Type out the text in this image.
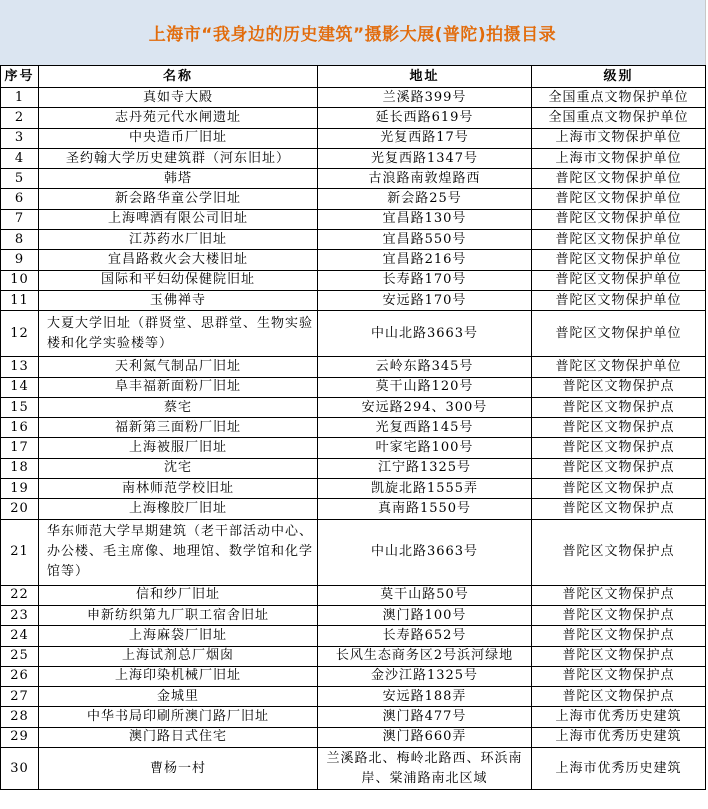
上海市“我身边的历史建筑”摄影大展(普陀)拍摄目录
序号	名称	地址	级别
1	真如寺大殿	兰溪路399号	全国重点文物保护单位
2	志丹苑元代水闸遗址	延长西路619号	全国重点文物保护单位
3	中央造币厂旧址	光复西路17号	上海市文物保护单位
4	圣约翰大学历史建筑群（河东旧址）	光复西路1347号	上海市文物保护单位
5	韩塔	古浪路南敦煌路西	普陀区文物保护单位
6	新会路华童公学旧址	新会路25号	普陀区文物保护单位
7	上海啤酒有限公司旧址	宜昌路130号	普陀区文物保护单位
8	江苏药水厂旧址	宜昌路550号	普陀区文物保护单位
9	宜昌路救火会大楼旧址	宜昌路216号	普陀区文物保护单位
10	国际和平妇幼保健院旧址	长寿路170号	普陀区文物保护单位
11	玉佛禅寺	安远路170号	普陀区文物保护单位
12	大夏大学旧址（群贤堂、思群堂、生物实验楼和化学实验楼等）	中山北路3663号	普陀区文物保护单位
13	天利氮气制品厂旧址	云岭东路345号	普陀区文物保护单位
14	阜丰福新面粉厂旧址	莫干山路120号	普陀区文物保护点
15	蔡宅	安远路294、300号	普陀区文物保护点
16	福新第三面粉厂旧址	光复西路145号	普陀区文物保护点
17	上海被服厂旧址	叶家宅路100号	普陀区文物保护点
18	沈宅	江宁路1325号	普陀区文物保护点
19	南林师范学校旧址	凯旋北路1555弄	普陀区文物保护点
20	上海橡胶厂旧址	真南路1550号	普陀区文物保护点
21	华东师范大学早期建筑（老干部活动中心、办公楼、毛主席像、地理馆、数学馆和化学馆等）	中山北路3663号	普陀区文物保护点
22	信和纱厂旧址	莫干山路50号	普陀区文物保护点
23	申新纺织第九厂职工宿舍旧址	澳门路100号	普陀区文物保护点
24	上海麻袋厂旧址	长寿路652号	普陀区文物保护点
25	上海试剂总厂烟囱	长风生态商务区2号浜河绿地	普陀区文物保护点
26	上海印染机械厂旧址	金沙江路1325号	普陀区文物保护点
27	金城里	安远路188弄	普陀区文物保护点
28	中华书局印刷所澳门路厂旧址	澳门路477号	上海市优秀历史建筑
29	澳门路日式住宅	澳门路660弄	上海市优秀历史建筑
30	曹杨一村	兰溪路北、梅岭北路西、环浜南岸、棠浦路南北区域	上海市优秀历史建筑
